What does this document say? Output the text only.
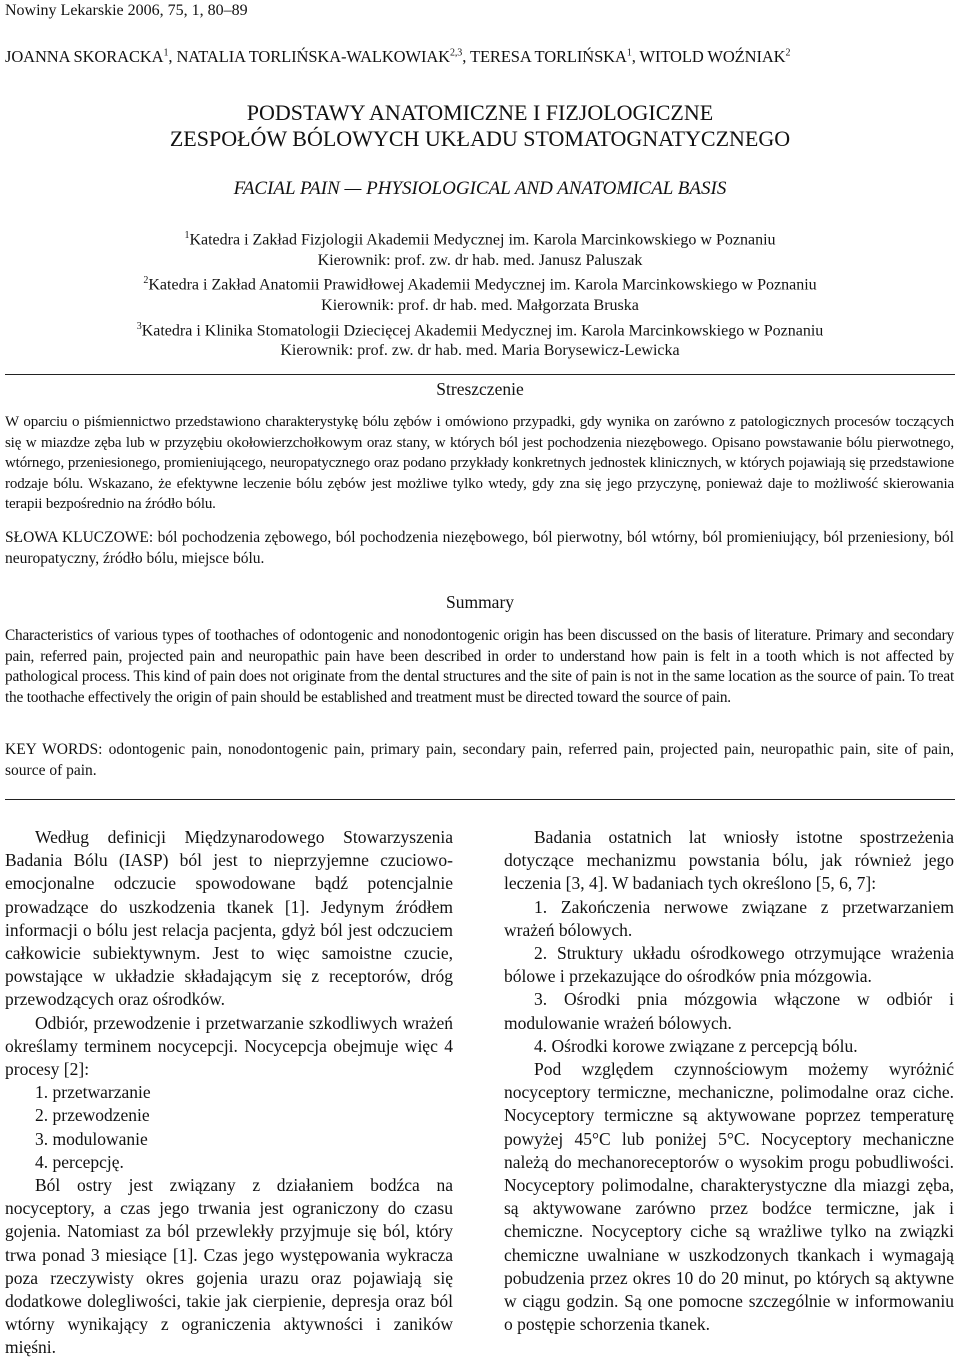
Nowiny Lekarskie 2006, 75, 1, 80–89
JOANNA SKORACKA$^1$, NATALIA TORLIŃSKA-WALKOWIAK$^{2,3}$, TERESA TORLIŃSKA$^1$, WITOLD WOŹNIAK$^2$
PODSTAWY ANATOMICZNE I FIZJOLOGICZNE
ZESPOŁÓW BÓLOWYCH UKŁADU STOMATOGNATYCZNEGO
FACIAL PAIN — PHYSIOLOGICAL AND ANATOMICAL BASIS
$^1$Katedra i Zakład Fizjologii Akademii Medycznej im. Karola Marcinkowskiego w Poznaniu
Kierownik: prof. zw. dr hab. med. Janusz Paluszak
$^2$Katedra i Zakład Anatomii Prawidłowej Akademii Medycznej im. Karola Marcinkowskiego w Poznaniu
Kierownik: prof. dr hab. med. Małgorzata Bruska
$^3$Katedra i Klinika Stomatologii Dziecięcej Akademii Medycznej im. Karola Marcinkowskiego w Poznaniu
Kierownik: prof. zw. dr hab. med. Maria Borysewicz-Lewicka
Streszczenie
W oparciu o piśmiennictwo przedstawiono charakterystykę bólu zębów i omówiono przypadki, gdy wynika on zarówno z patologicznych procesów toczących się w miazdze zęba lub w przyzębiu okołowierzchołkowym oraz stany, w których ból jest pochodzenia niezębowego. Opisano powstawanie bólu pierwotnego, wtórnego, przeniesionego, promieniującego, neuropatycznego oraz podano przykłady konkretnych jednostek klinicznych, w których pojawiają się przedstawione rodzaje bólu. Wskazano, że efektywne leczenie bólu zębów jest możliwe tylko wtedy, gdy zna się jego przyczynę, ponieważ daje to możliwość skierowania terapii bezpośrednio na źródło bólu.
SŁOWA KLUCZOWE: ból pochodzenia zębowego, ból pochodzenia niezębowego, ból pierwotny, ból wtórny, ból promieniujący, ból przeniesiony, ból neuropatyczny, źródło bólu, miejsce bólu.
Summary
Characteristics of various types of toothaches of odontogenic and nonodontogenic origin has been discussed on the basis of literature. Primary and secondary pain, referred pain, projected pain and neuropathic pain have been described in order to understand how pain is felt in a tooth which is not affected by pathological process. This kind of pain does not originate from the dental structures and the site of pain is not in the same location as the source of pain. To treat the toothache effectively the origin of pain should be established and treatment must be directed toward the source of pain.
KEY WORDS: odontogenic pain, nonodontogenic pain, primary pain, secondary pain, referred pain, projected pain, neuropathic pain, site of pain, source of pain.

Według definicji Międzynarodowego Stowarzyszenia Badania Bólu (IASP) ból jest to nieprzyjemne czuciowo-emocjonalne odczucie spowodowane bądź potencjalnie prowadzące do uszkodzenia tkanek [1]. Jedynym źródłem informacji o bólu jest relacja pacjenta, gdyż ból jest odczuciem całkowicie subiektywnym. Jest to więc samoistne czucie, powstające w układzie składającym się z receptorów, dróg przewodzących oraz ośrodków.

Odbiór, przewodzenie i przetwarzanie szkodliwych wrażeń określamy terminem nocycepcji. Nocycepcja obejmuje więc 4 procesy [2]:

1. przetwarzanie
2. przewodzenie
3. modulowanie
4. percepcję.

Ból ostry jest związany z działaniem bodźca na nocyceptory, a czas jego trwania jest ograniczony do czasu gojenia. Natomiast za ból przewlekły przyjmuje się ból, który trwa ponad 3 miesiące [1]. Czas jego występowania wykracza poza rzeczywisty okres gojenia urazu oraz pojawiają się dodatkowe dolegliwości, takie jak cierpienie, depresja oraz ból wtórny wynikający z ograniczenia aktywności i zaników mięśni.

Badania ostatnich lat wniosły istotne spostrzeżenia dotyczące mechanizmu powstania bólu, jak również jego leczenia [3, 4]. W badaniach tych określono [5, 6, 7]:

1. Zakończenia nerwowe związane z przetwarzaniem wrażeń bólowych.
2. Struktury układu ośrodkowego otrzymujące wrażenia bólowe i przekazujące do ośrodków pnia mózgowia.
3. Ośrodki pnia mózgowia włączone w odbiór i modulowanie wrażeń bólowych.
4. Ośrodki korowe związane z percepcją bólu.

Pod względem czynnościowym możemy wyróżnić nocyceptory termiczne, mechaniczne, polimodalne oraz ciche. Nocyceptory termiczne są aktywowane poprzez temperaturę powyżej 45°C lub poniżej 5°C. Nocyceptory mechaniczne należą do mechanoreceptorów o wysokim progu pobudliwości. Nocyceptory polimodalne, charakterystyczne dla miazgi zęba, są aktywowane zarówno przez bodźce termiczne, jak i chemiczne. Nocyceptory ciche są wrażliwe tylko na związki chemiczne uwalniane w uszkodzonych tkankach i wymagają pobudzenia przez okres 10 do 20 minut, po których są aktywne w ciągu godzin. Są one pomocne szczególnie w informowaniu o postępie schorzenia tkanek.
